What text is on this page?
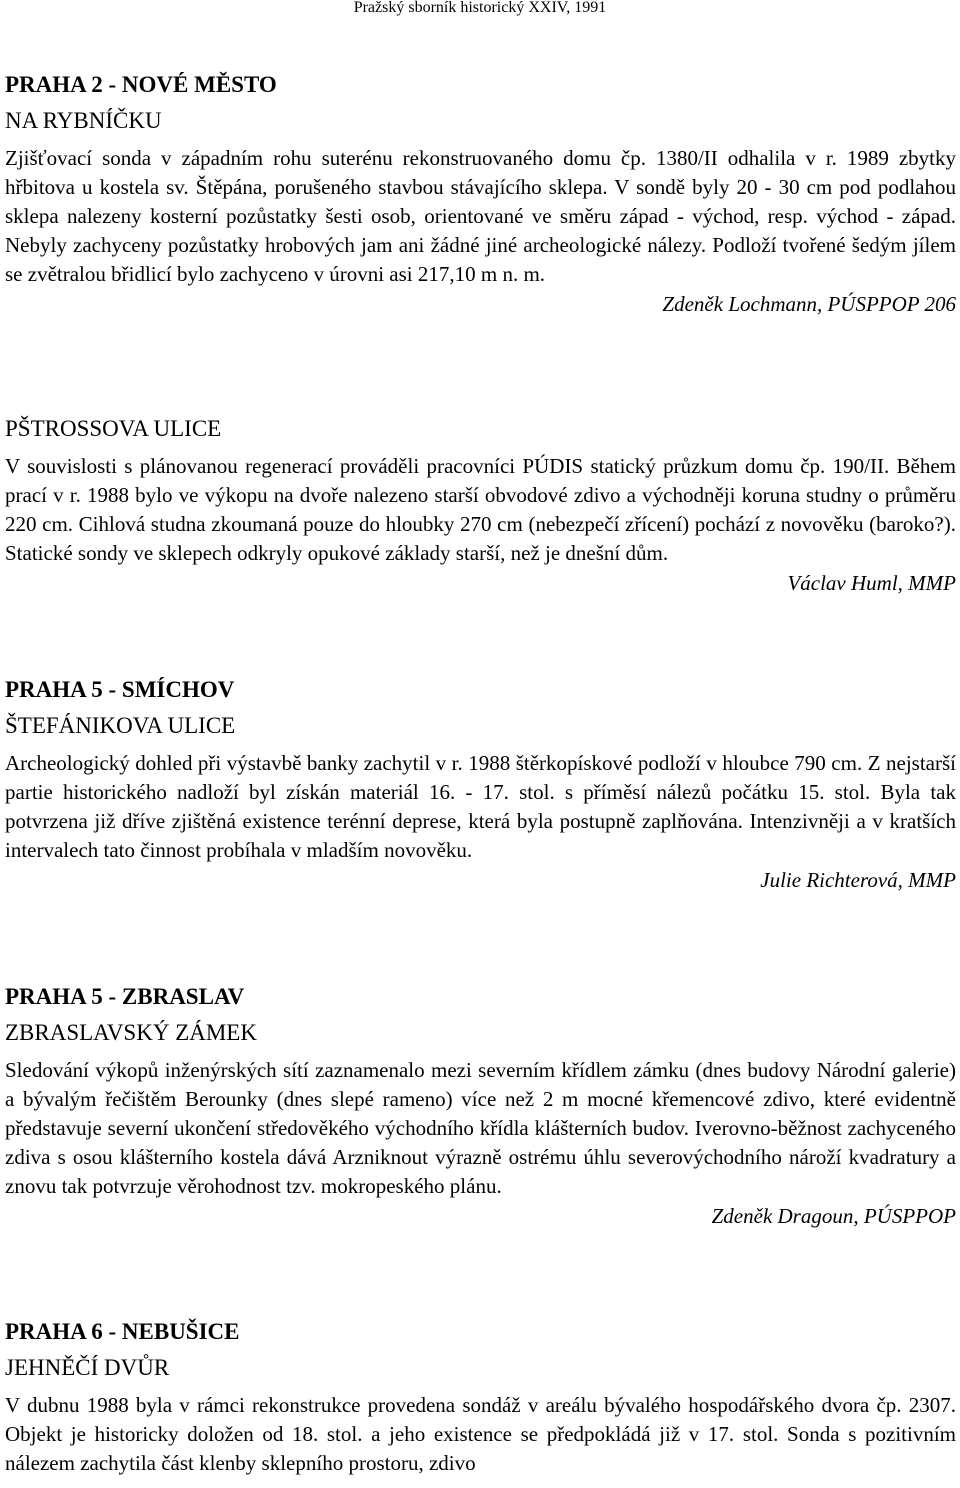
Pražský sborník historický XXIV, 1991
PRAHA 2 - NOVÉ MĚSTO
NA RYBNÍČKU

Zjišťovací sonda v západním rohu suterénu rekonstruovaného domu čp. 1380/II odhalila v r. 1989 zbytky hřbitova u kostela sv. Štěpána, porušeného stavbou stávajícího sklepa. V sondě byly 20 - 30 cm pod podlahou sklepa nalezeny kosterní pozůstatky šesti osob, orientované ve směru západ - východ, resp. východ - západ. Nebyly zachyceny pozůstatky hrobových jam ani žádné jiné archeologické nálezy. Podloží tvořené šedým jílem se zvětralou břidlicí bylo zachyceno v úrovni asi 217,10 m n. m.

Zdeněk Lochmann, PÚSPPOP 206

PŠTROSSOVA ULICE

V souvislosti s plánovanou regenerací prováděli pracovníci PÚDIS statický průzkum domu čp. 190/II. Během prací v r. 1988 bylo ve výkopu na dvoře nalezeno starší obvodové zdivo a východněji koruna studny o průměru 220 cm. Cihlová studna zkoumaná pouze do hloubky 270 cm (nebezpečí zřícení) pochází z novověku (baroko?). Statické sondy ve sklepech odkryly opukové základy starší, než je dnešní dům.

Václav Huml, MMP

PRAHA 5 - SMÍCHOV
ŠTEFÁNIKOVA ULICE

Archeologický dohled při výstavbě banky zachytil v r. 1988 štěrkopískové podloží v hloubce 790 cm. Z nejstarší partie historického nadloží byl získán materiál 16. - 17. stol. s příměsí nálezů počátku 15. stol. Byla tak potvrzena již dříve zjištěná existence terénní deprese, která byla postupně zaplňována. Intenzivněji a v kratších intervalech tato činnost probíhala v mladším novověku.

Julie Richterová, MMP

PRAHA 5 - ZBRASLAV
ZBRASLAVSKÝ ZÁMEK

Sledování výkopů inženýrských sítí zaznamenalo mezi severním křídlem zámku (dnes budovy Národní galerie) a bývalým řečištěm Berounky (dnes slepé rameno) více než 2 m mocné křemencové zdivo, které evidentně představuje severní ukončení středověkého východního křídla klášterních budov. Iverovno-běžnost zachyceného zdiva s osou klášterního kostela dává Arzniknout výrazně ostrému úhlu severovýchodního nároží kvadratury a znovu tak potvrzuje věrohodnost tzv. mokropeského plánu.

Zdeněk Dragoun, PÚSPPOP

PRAHA 6 - NEBUŠICE
JEHNĚČÍ DVŮR

V dubnu 1988 byla v rámci rekonstrukce provedena sondáž v areálu bývalého hospodářského dvora čp. 2307. Objekt je historicky doložen od 18. stol. a jeho existence se předpokládá již v 17. stol. Sonda s pozitivním nálezem zachytila část klenby sklepního prostoru, zdivo
